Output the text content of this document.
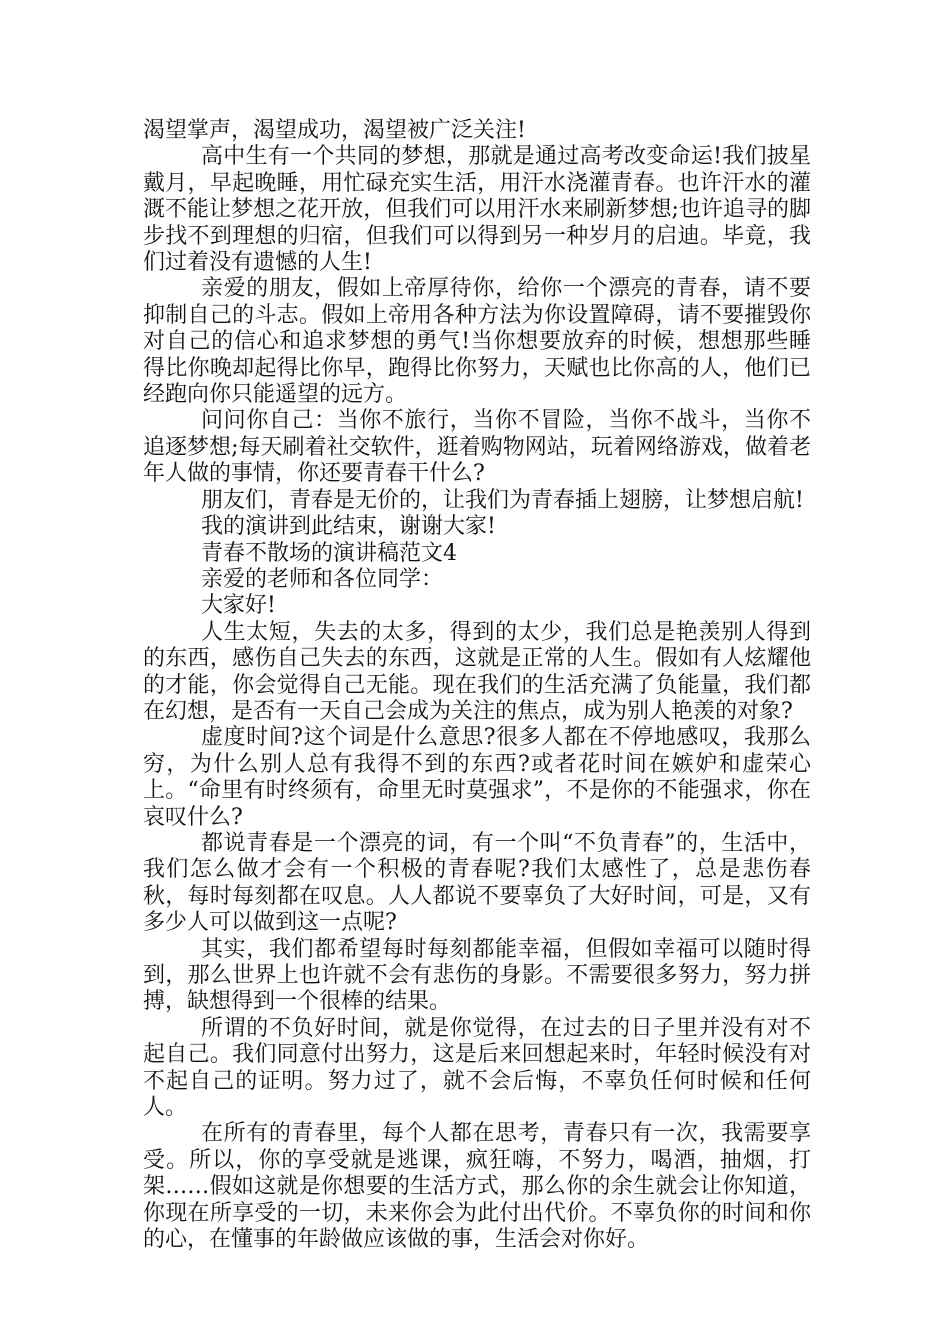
渴望掌声，渴望成功，渴望被广泛关注!

高中生有一个共同的梦想，那就是通过高考改变命运!我们披星戴月，早起晚睡，用忙碌充实生活，用汗水浇灌青春。也许汗水的灌溉不能让梦想之花开放，但我们可以用汗水来刷新梦想;也许追寻的脚步找不到理想的归宿，但我们可以得到另一种岁月的启迪。毕竟，我们过着没有遗憾的人生!

亲爱的朋友，假如上帝厚待你，给你一个漂亮的青春，请不要抑制自己的斗志。假如上帝用各种方法为你设置障碍，请不要摧毁你对自己的信心和追求梦想的勇气!当你想要放弃的时候，想想那些睡得比你晚却起得比你早，跑得比你努力，天赋也比你高的人，他们已经跑向你只能遥望的远方。

问问你自己：当你不旅行，当你不冒险，当你不战斗，当你不追逐梦想;每天刷着社交软件，逛着购物网站，玩着网络游戏，做着老年人做的事情，你还要青春干什么?

朋友们，青春是无价的，让我们为青春插上翅膀，让梦想启航!

我的演讲到此结束，谢谢大家!

青春不散场的演讲稿范文4

亲爱的老师和各位同学：

大家好!

人生太短，失去的太多，得到的太少，我们总是艳羡别人得到的东西，感伤自己失去的东西，这就是正常的人生。假如有人炫耀他的才能，你会觉得自己无能。现在我们的生活充满了负能量，我们都在幻想，是否有一天自己会成为关注的焦点，成为别人艳羡的对象?

虚度时间?这个词是什么意思?很多人都在不停地感叹，我那么穷，为什么别人总有我得不到的东西?或者花时间在嫉妒和虚荣心上。“命里有时终须有，命里无时莫强求”，不是你的不能强求，你在哀叹什么?

都说青春是一个漂亮的词，有一个叫“不负青春”的，生活中，我们怎么做才会有一个积极的青春呢?我们太感性了，总是悲伤春秋，每时每刻都在叹息。人人都说不要辜负了大好时间，可是，又有多少人可以做到这一点呢?

其实，我们都希望每时每刻都能幸福，但假如幸福可以随时得到，那么世界上也许就不会有悲伤的身影。不需要很多努力，努力拼搏，缺想得到一个很棒的结果。

所谓的不负好时间，就是你觉得，在过去的日子里并没有对不起自己。我们同意付出努力，这是后来回想起来时，年轻时候没有对不起自己的证明。努力过了，就不会后悔，不辜负任何时候和任何人。

在所有的青春里，每个人都在思考，青春只有一次，我需要享受。所以，你的享受就是逃课，疯狂嗨，不努力，喝酒，抽烟，打架……假如这就是你想要的生活方式，那么你的余生就会让你知道，你现在所享受的一切，未来你会为此付出代价。不辜负你的时间和你的心，在懂事的年龄做应该做的事，生活会对你好。
